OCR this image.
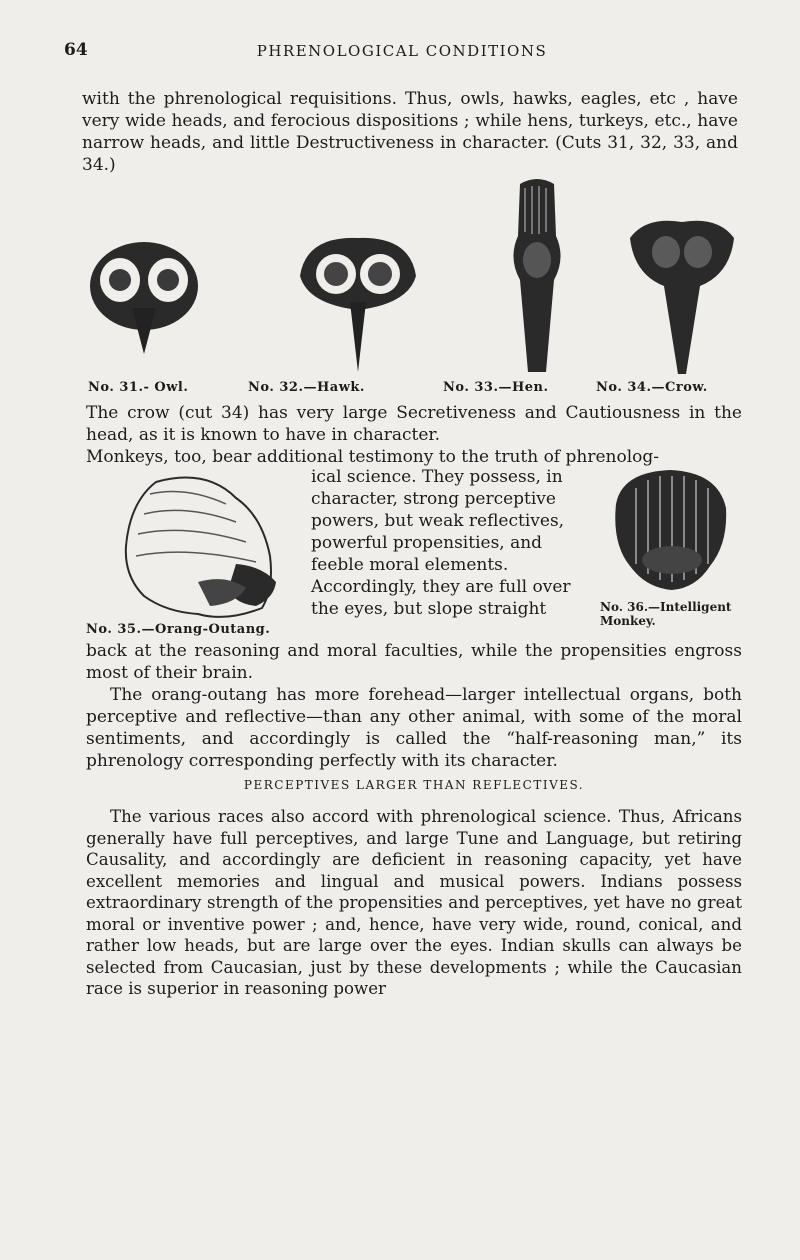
64	PHRENOLOGICAL CONDITIONS

with the phrenological requisitions. Thus, owls, hawks, eagles, etc , have very wide heads, and ferocious dispositions ; while hens, turkeys, etc., have narrow heads, and little Destructiveness in character. (Cuts 31, 32, 33, and 34.)

No. 31.- Owl.	No. 32.—Hawk.	No. 33.—Hen.	No. 34.—Crow.

The crow (cut 34) has very large Secretiveness and Cautiousness in the head, as it is known to have in character.

Monkeys, too, bear additional testimony to the truth of phrenolog-

ical science. They possess, in character, strong perceptive powers, but weak reflectives, powerful propensities, and feeble moral elements. Accordingly, they are full over the eyes, but slope straight

No. 35.—Orang-Outang.
No. 36.—Intelligent Monkey.

back at the reasoning and moral faculties, while the propensities engross most of their brain.

The orang-outang has more forehead—larger intellectual organs, both perceptive and reflective—than any other animal, with some of the moral sentiments, and accordingly is called the “half-reasoning man,” its phrenology corresponding perfectly with its character.

PERCEPTIVES LARGER THAN REFLECTIVES.

The various races also accord with phrenological science. Thus, Africans generally have full perceptives, and large Tune and Language, but retiring Causality, and accordingly are deficient in reasoning capacity, yet have excellent memories and lingual and musical powers. Indians possess extraordinary strength of the propensities and perceptives, yet have no great moral or inventive power ; and, hence, have very wide, round, conical, and rather low heads, but are large over the eyes. Indian skulls can always be selected from Caucasian, just by these developments ; while the Caucasian race is superior in reasoning power
